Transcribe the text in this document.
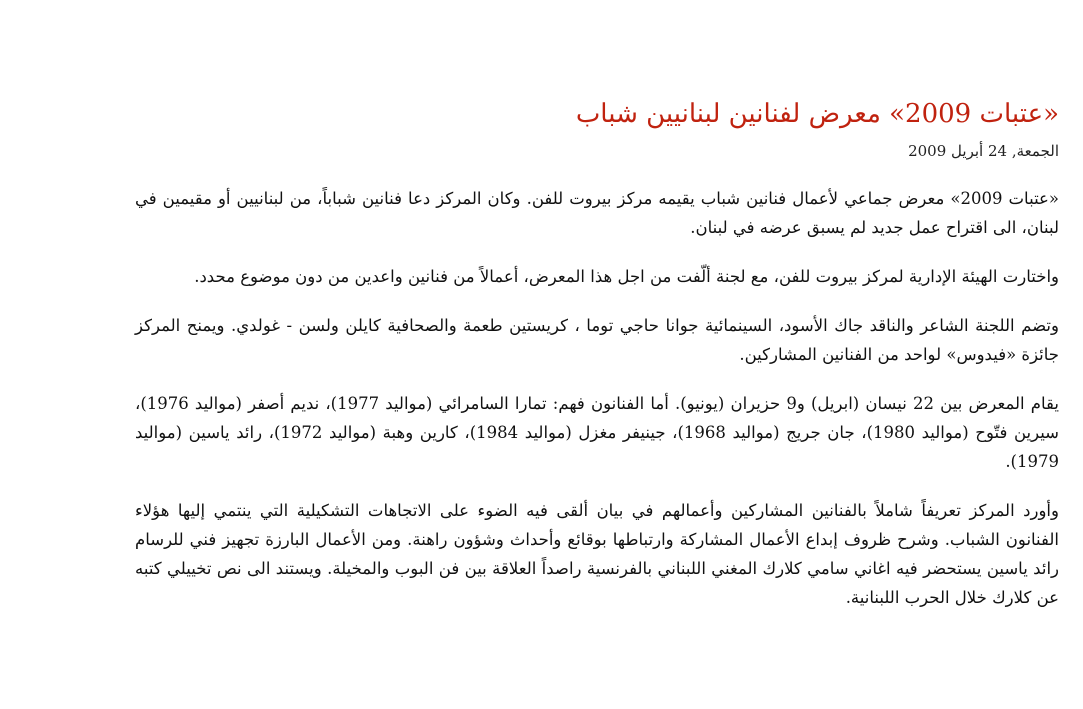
«عتبات 2009» معرض لفنانين لبنانيين شباب
الجمعة, 24 أبريل 2009

«عتبات 2009» معرض جماعي لأعمال فنانين شباب يقيمه مركز بيروت للفن. وكان المركز دعا فنانين شباباً، من لبنانيين أو مقيمين في لبنان، الى اقتراح عمل جديد لم يسبق عرضه في لبنان.

واختارت الهيئة الإدارية لمركز بيروت للفن، مع لجنة ألّفت من اجل هذا المعرض، أعمالاً من فنانين واعدين من دون موضوع محدد.

وتضم اللجنة الشاعر والناقد جاك الأسود، السينمائية جوانا حاجي توما ، كريستين طعمة والصحافية كايلن ولسن - غولدي. ويمنح المركز جائزة «فيدوس» لواحد من الفنانين المشاركين.

يقام المعرض بين 22 نيسان (ابريل) و9 حزيران (يونيو). أما الفنانون فهم: تمارا السامرائي (مواليد 1977)، نديم أصفر (مواليد 1976)، سيرين فتّوح (مواليد 1980)، جان جريج (مواليد 1968)، جينيفر مغزل (مواليد 1984)، كارين وهبة (مواليد 1972)، رائد ياسين (مواليد 1979).

وأورد المركز تعريفاً شاملاً بالفنانين المشاركين وأعمالهم في بيان ألقى فيه الضوء على الاتجاهات التشكيلية التي ينتمي إليها هؤلاء الفنانون الشباب. وشرح ظروف إبداع الأعمال المشاركة وارتباطها بوقائع وأحداث وشؤون راهنة. ومن الأعمال البارزة تجهيز فني للرسام رائد ياسين يستحضر فيه اغاني سامي كلارك المغني اللبناني بالفرنسية راصداً العلاقة بين فن البوب والمخيلة. ويستند الى نص تخييلي كتبه عن كلارك خلال الحرب اللبنانية.
